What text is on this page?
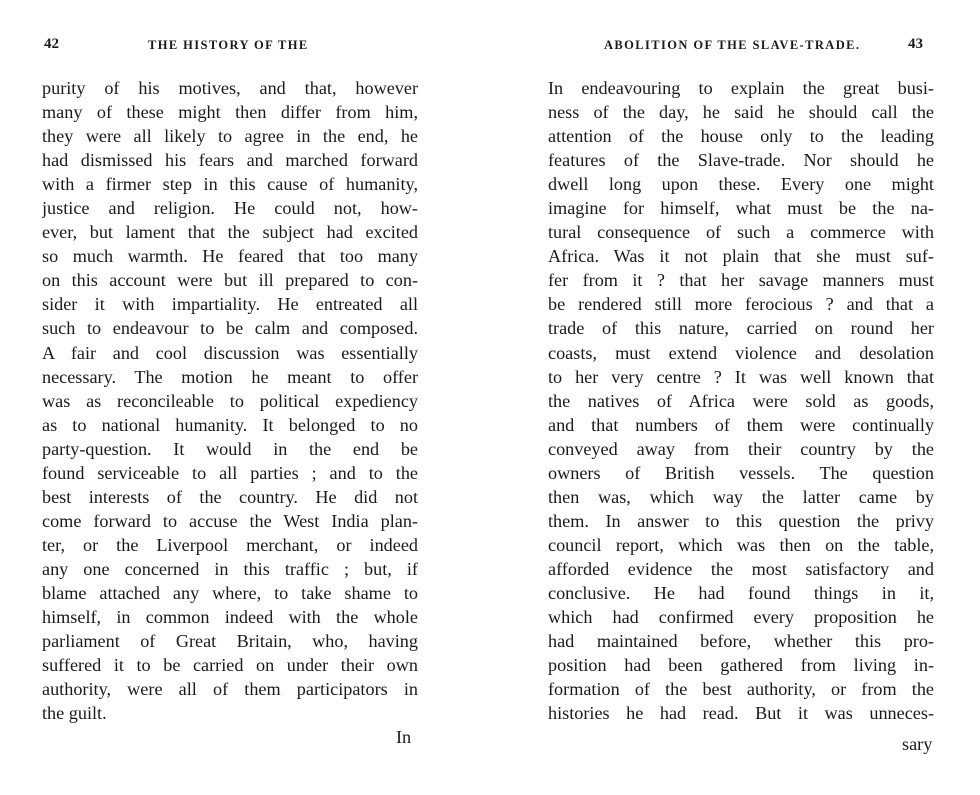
42	THE HISTORY OF THE
purity of his motives, and that, however
many of these might then differ from him,
they were all likely to agree in the end, he
had dismissed his fears and marched forward
with a firmer step in this cause of humanity,
justice and religion. He could not, how-
ever, but lament that the subject had excited
so much warmth. He feared that too many
on this account were but ill prepared to con-
sider it with impartiality. He entreated all
such to endeavour to be calm and composed.
A fair and cool discussion was essentially
necessary. The motion he meant to offer
was as reconcileable to political expediency
as to national humanity. It belonged to no
party-question. It would in the end be
found serviceable to all parties ; and to the
best interests of the country. He did not
come forward to accuse the West India plan-
ter, or the Liverpool merchant, or indeed
any one concerned in this traffic ; but, if
blame attached any where, to take shame to
himself, in common indeed with the whole
parliament of Great Britain, who, having
suffered it to be carried on under their own
authority, were all of them participators in
the guilt.
In
ABOLITION OF THE SLAVE-TRADE.	43
In endeavouring to explain the great busi-
ness of the day, he said he should call the
attention of the house only to the leading
features of the Slave-trade. Nor should he
dwell long upon these. Every one might
imagine for himself, what must be the na-
tural consequence of such a commerce with
Africa. Was it not plain that she must suf-
fer from it ? that her savage manners must
be rendered still more ferocious ? and that a
trade of this nature, carried on round her
coasts, must extend violence and desolation
to her very centre ? It was well known that
the natives of Africa were sold as goods,
and that numbers of them were continually
conveyed away from their country by the
owners of British vessels. The question
then was, which way the latter came by
them. In answer to this question the privy
council report, which was then on the table,
afforded evidence the most satisfactory and
conclusive. He had found things in it,
which had confirmed every proposition he
had maintained before, whether this pro-
position had been gathered from living in-
formation of the best authority, or from the
histories he had read. But it was unneces-
sary
